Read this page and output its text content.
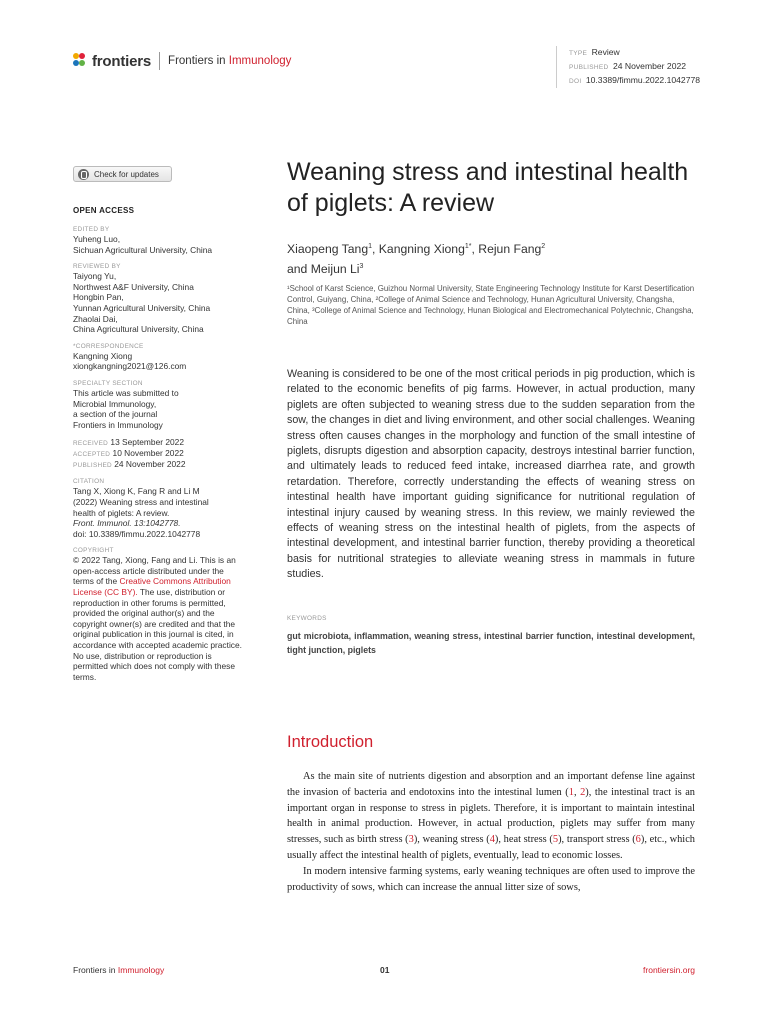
frontiers Frontiers in Immunology
TYPE Review
PUBLISHED 24 November 2022
DOI 10.3389/fimmu.2022.1042778
Check for updates
OPEN ACCESS
EDITED BY
Yuheng Luo,
Sichuan Agricultural University, China
REVIEWED BY
Taiyong Yu,
Northwest A&F University, China
Hongbin Pan,
Yunnan Agricultural University, China
Zhaolai Dai,
China Agricultural University, China
*CORRESPONDENCE
Kangning Xiong
xiongkangning2021@126.com
SPECIALTY SECTION
This article was submitted to
Microbial Immunology,
a section of the journal
Frontiers in Immunology
RECEIVED 13 September 2022
ACCEPTED 10 November 2022
PUBLISHED 24 November 2022
CITATION
Tang X, Xiong K, Fang R and Li M
(2022) Weaning stress and intestinal
health of piglets: A review.
Front. Immunol. 13:1042778.
doi: 10.3389/fimmu.2022.1042778
COPYRIGHT
© 2022 Tang, Xiong, Fang and Li. This is an open-access article distributed under the terms of the Creative Commons Attribution License (CC BY). The use, distribution or reproduction in other forums is permitted, provided the original author(s) and the copyright owner(s) are credited and that the original publication in this journal is cited, in accordance with accepted academic practice. No use, distribution or reproduction is permitted which does not comply with these terms.
Weaning stress and intestinal health of piglets: A review
Xiaopeng Tang$^1$, Kangning Xiong$^{1*}$, Rejun Fang$^2$
and Meijun Li$^3$
¹School of Karst Science, Guizhou Normal University, State Engineering Technology Institute for Karst Desertification Control, Guiyang, China, ²College of Animal Science and Technology, Hunan Agricultural University, Changsha, China, ³College of Animal Science and Technology, Hunan Biological and Electromechanical Polytechnic, Changsha, China
Weaning is considered to be one of the most critical periods in pig production, which is related to the economic benefits of pig farms. However, in actual production, many piglets are often subjected to weaning stress due to the sudden separation from the sow, the changes in diet and living environment, and other social challenges. Weaning stress often causes changes in the morphology and function of the small intestine of piglets, disrupts digestion and absorption capacity, destroys intestinal barrier function, and ultimately leads to reduced feed intake, increased diarrhea rate, and growth retardation. Therefore, correctly understanding the effects of weaning stress on intestinal health have important guiding significance for nutritional regulation of intestinal injury caused by weaning stress. In this review, we mainly reviewed the effects of weaning stress on the intestinal health of piglets, from the aspects of intestinal development, and intestinal barrier function, thereby providing a theoretical basis for nutritional strategies to alleviate weaning stress in mammals in future studies.
KEYWORDS
gut microbiota, inflammation, weaning stress, intestinal barrier function, intestinal development, tight junction, piglets
Introduction

As the main site of nutrients digestion and absorption and an important defense line against the invasion of bacteria and endotoxins into the intestinal lumen (1, 2), the intestinal tract is an important organ in response to stress in piglets. Therefore, it is important to maintain intestinal health in animal production. However, in actual production, piglets may suffer from many stresses, such as birth stress (3), weaning stress (4), heat stress (5), transport stress (6), etc., which usually affect the intestinal health of piglets, eventually, lead to economic losses.

In modern intensive farming systems, early weaning techniques are often used to improve the productivity of sows, which can increase the annual litter size of sows,

Frontiers in Immunology	01	frontiersin.org
